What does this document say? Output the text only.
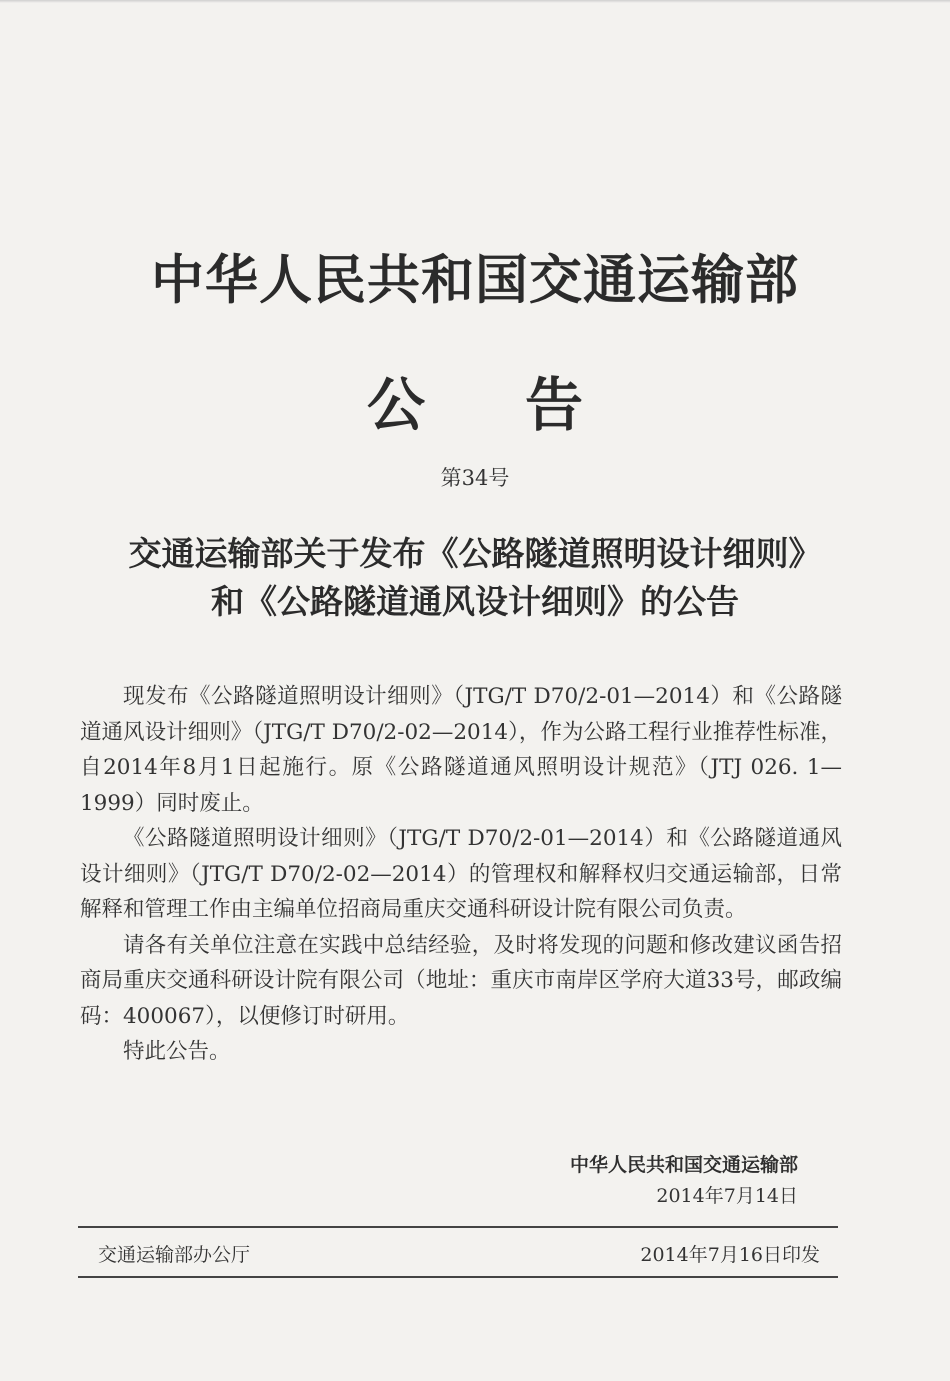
中华人民共和国交通运输部
公告
第34号
交通运输部关于发布《公路隧道照明设计细则》
和《公路隧道通风设计细则》的公告

现发布《公路隧道照明设计细则》（JTG/T D70/2-01—2014）和《公路隧道通风设计细则》（JTG/T D70/2-02—2014），作为公路工程行业推荐性标准，自2014年8月1日起施行。原《公路隧道通风照明设计规范》（JTJ 026. 1—1999）同时废止。

《公路隧道照明设计细则》（JTG/T D70/2-01—2014）和《公路隧道通风设计细则》（JTG/T D70/2-02—2014）的管理权和解释权归交通运输部，日常解释和管理工作由主编单位招商局重庆交通科研设计院有限公司负责。

请各有关单位注意在实践中总结经验，及时将发现的问题和修改建议函告招商局重庆交通科研设计院有限公司（地址：重庆市南岸区学府大道33号，邮政编码：400067），以便修订时研用。

特此公告。

中华人民共和国交通运输部
2014年7月14日
交通运输部办公厅	2014年7月16日印发
